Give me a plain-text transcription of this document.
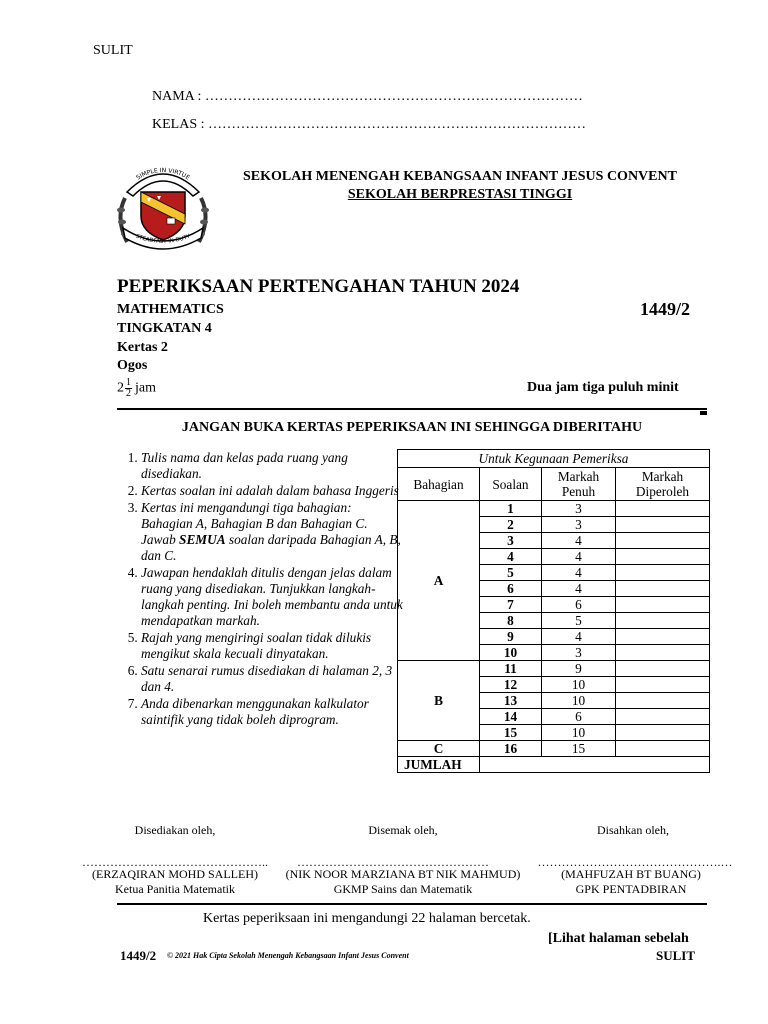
SULIT
NAMA : ………………………………………………………………………
KELAS : ………………………………………………………………………
SIMPLE IN VIRTUE
STEADFAST IN DUTY
SEKOLAH MENENGAH KEBANGSAAN INFANT JESUS CONVENT
SEKOLAH BERPRESTASI TINGGI
PEPERIKSAAN PERTENGAHAN TAHUN 2024
MATHEMATICS	1449/2
TINGKATAN 4
Kertas 2
Ogos
$2 \frac{1}{2}$ jam	Dua jam tiga puluh minit
JANGAN BUKA KERTAS PEPERIKSAAN INI SEHINGGA DIBERITAHU
1. Tulis nama dan kelas pada ruang yang disediakan.
2. Kertas soalan ini adalah dalam bahasa Inggeris
3. Kertas ini mengandungi tiga bahagian: Bahagian A, Bahagian B dan Bahagian C. Jawab SEMUA soalan daripada Bahagian A, B, dan C.
4. Jawapan hendaklah ditulis dengan jelas dalam ruang yang disediakan. Tunjukkan langkah-langkah penting. Ini boleh membantu anda untuk mendapatkan markah.
5. Rajah yang mengiringi soalan tidak dilukis mengikut skala kecuali dinyatakan.
6. Satu senarai rumus disediakan di halaman 2, 3 dan 4.
7. Anda dibenarkan menggunakan kalkulator saintifik yang tidak boleh diprogram.
Untuk Kegunaan Pemeriksa			
Bahagian	Soalan	Markah Penuh	Markah Diperoleh
A	1	3	
	2	3	
	3	4	
	4	4	
	5	4	
	6	4	
	7	6	
	8	5	
	9	4	
	10	3	
B	11	9	
	12	10	
	13	10	
	14	6	
	15	10	
C	16	15	
JUMLAH			
Disediakan oleh,	Disemak oleh,	Disahkan oleh,
………………………………………..	…………………………………………	……………………………………….…
(ERZAQIRAN MOHD SALLEH)	(NIK NOOR MARZIANA BT NIK MAHMUD)	(MAHFUZAH BT BUANG)
Ketua Panitia Matematik	GKMP Sains dan Matematik	GPK PENTADBIRAN
Kertas peperiksaan ini mengandungi 22 halaman bercetak.
[Lihat halaman sebelah
1449/2 © 2021 Hak Cipta Sekolah Menengah Kebangsaan Infant Jesus Convent	SULIT
